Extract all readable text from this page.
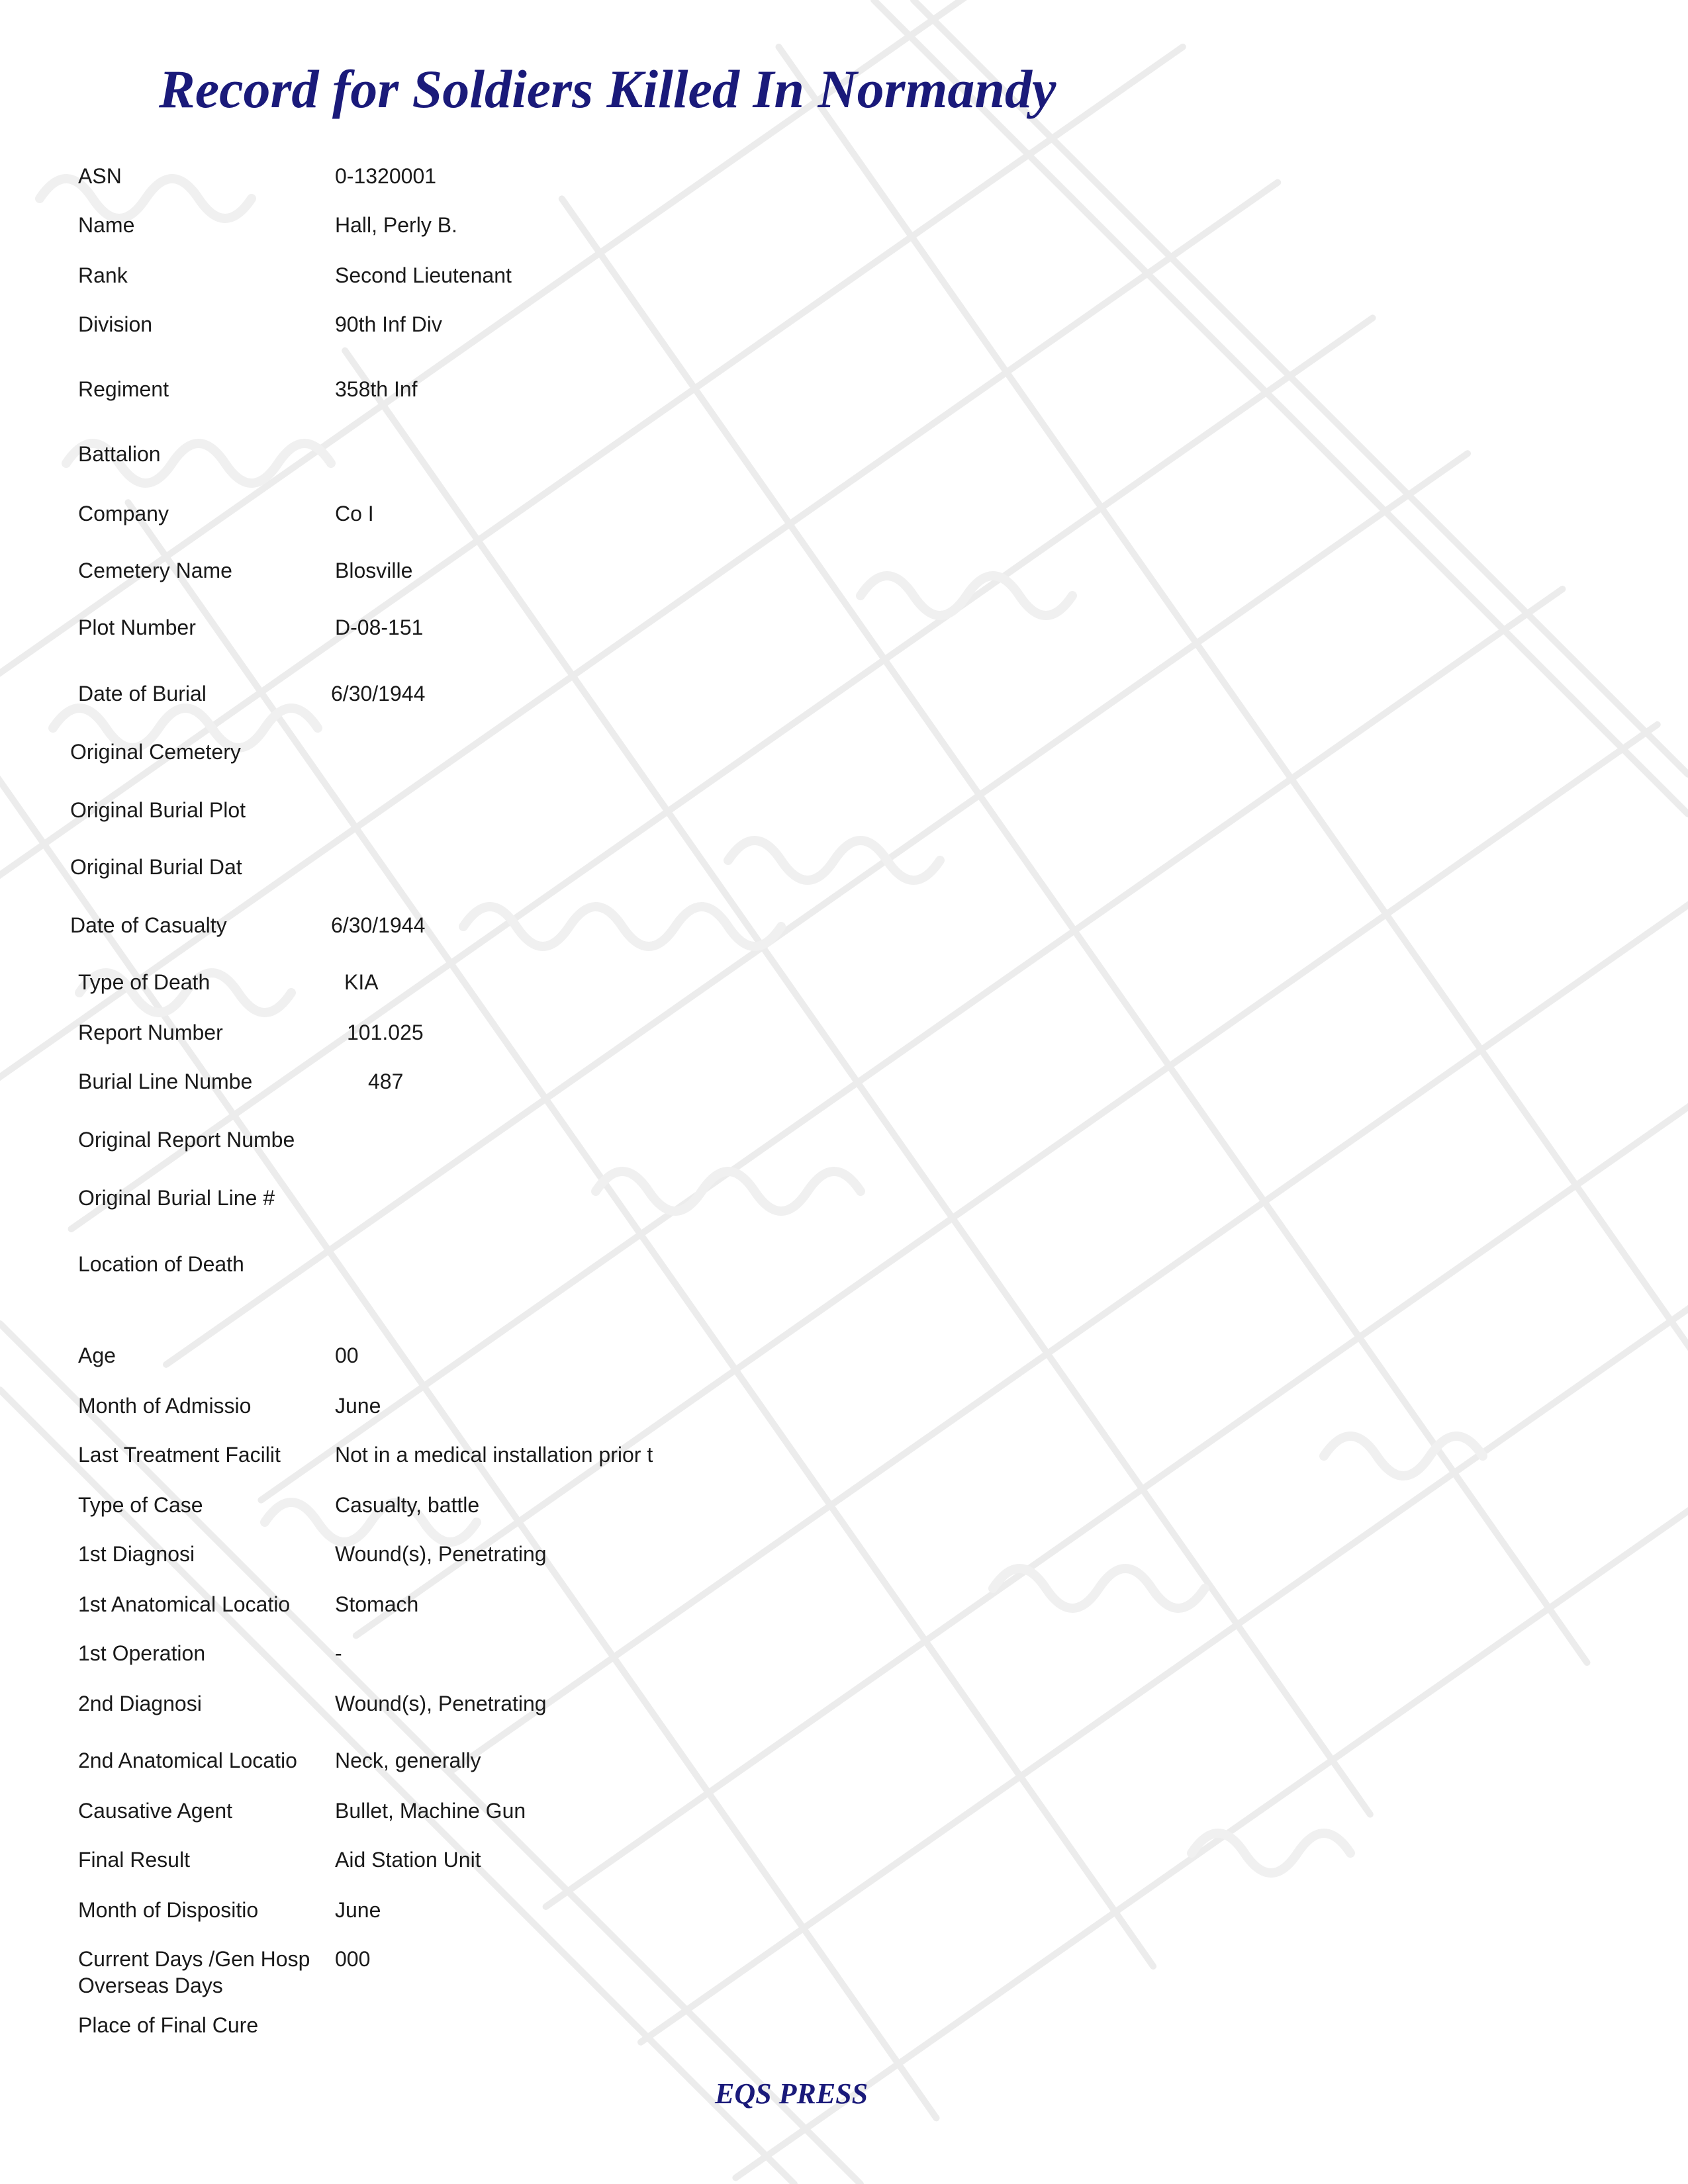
Record for Soldiers Killed In Normandy
ASN	0-1320001
Name	Hall, Perly B.
Rank	Second Lieutenant
Division	90th Inf Div
Regiment	358th Inf
Battalion
Company	Co I
Cemetery Name	Blosville
Plot Number	D-08-151
Date of Burial	6/30/1944
Original Cemetery
Original Burial Plot
Original Burial Dat
Date of Casualty	6/30/1944
Type of Death	KIA
Report Number	101.025
Burial Line Numbe	487
Original Report Numbe
Original Burial Line #
Location of Death
Age	00
Month of Admissio	June
Last Treatment Facilit	Not in a medical installation prior t
Type of Case	Casualty, battle
1st Diagnosi	Wound(s), Penetrating
1st Anatomical Locatio Stomach
1st Operation	-
2nd Diagnosi	Wound(s), Penetrating
2nd Anatomical Locatio Neck, generally
Causative Agent	Bullet, Machine Gun
Final Result	Aid Station Unit
Month of Dispositio	June
Current Days /Gen Hosp 000
Overseas Days
Place of Final Cure
EQS PRESS
